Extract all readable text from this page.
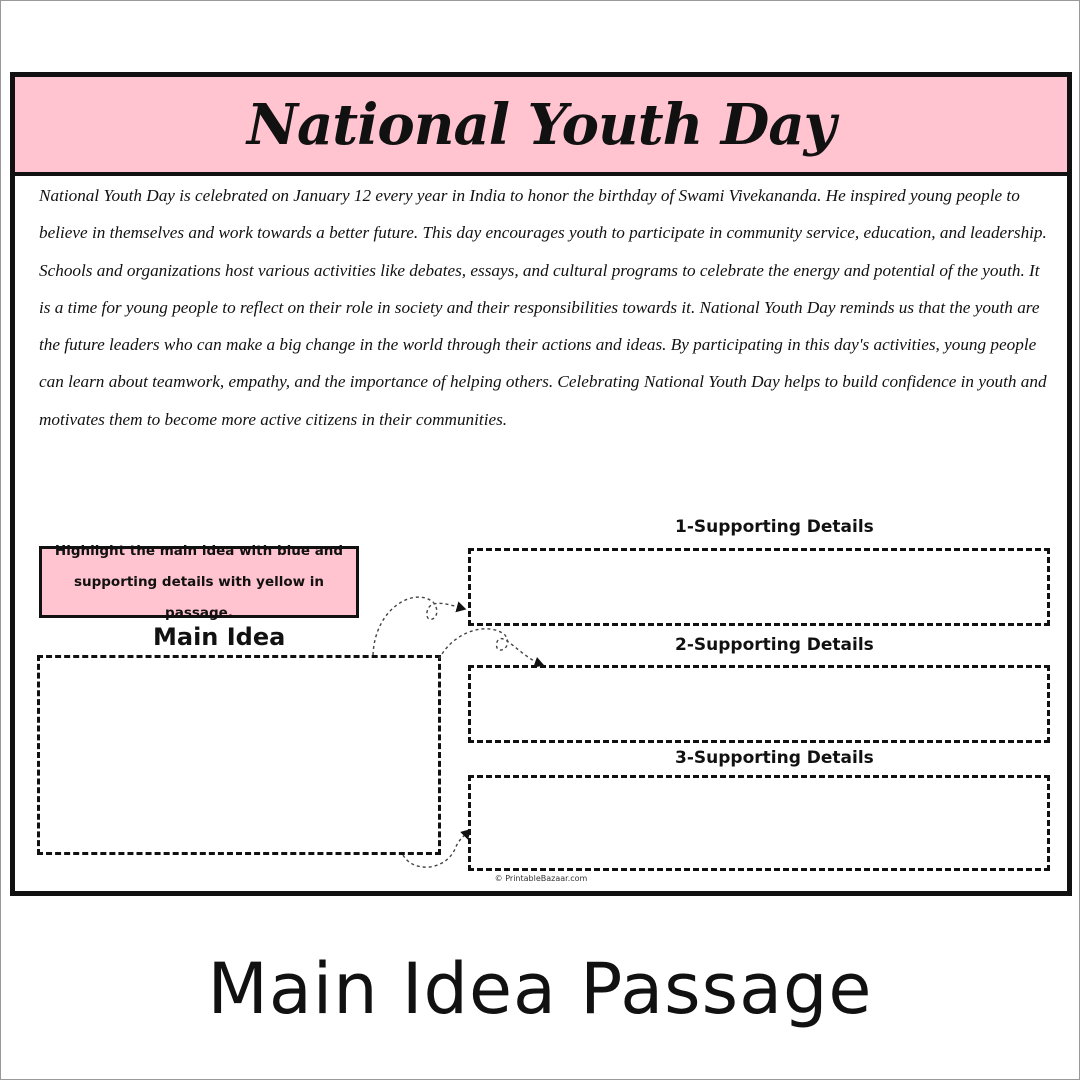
National Youth Day

National Youth Day is celebrated on January 12 every year in India to honor the birthday of Swami Vivekananda. He inspired young people to believe in themselves and work towards a better future. This day encourages youth to participate in community service, education, and leadership. Schools and organizations host various activities like debates, essays, and cultural programs to celebrate the energy and potential of the youth. It is a time for young people to reflect on their role in society and their responsibilities towards it. National Youth Day reminds us that the youth are the future leaders who can make a big change in the world through their actions and ideas. By participating in this day's activities, young people can learn about teamwork, empathy, and the importance of helping others. Celebrating National Youth Day helps to build confidence in youth and motivates them to become more active citizens in their communities.

Highlight the main idea with blue and supporting details with yellow in passage.
Main Idea
1-Supporting Details
2-Supporting Details
3-Supporting Details
© PrintableBazaar.com
Main Idea Passage
